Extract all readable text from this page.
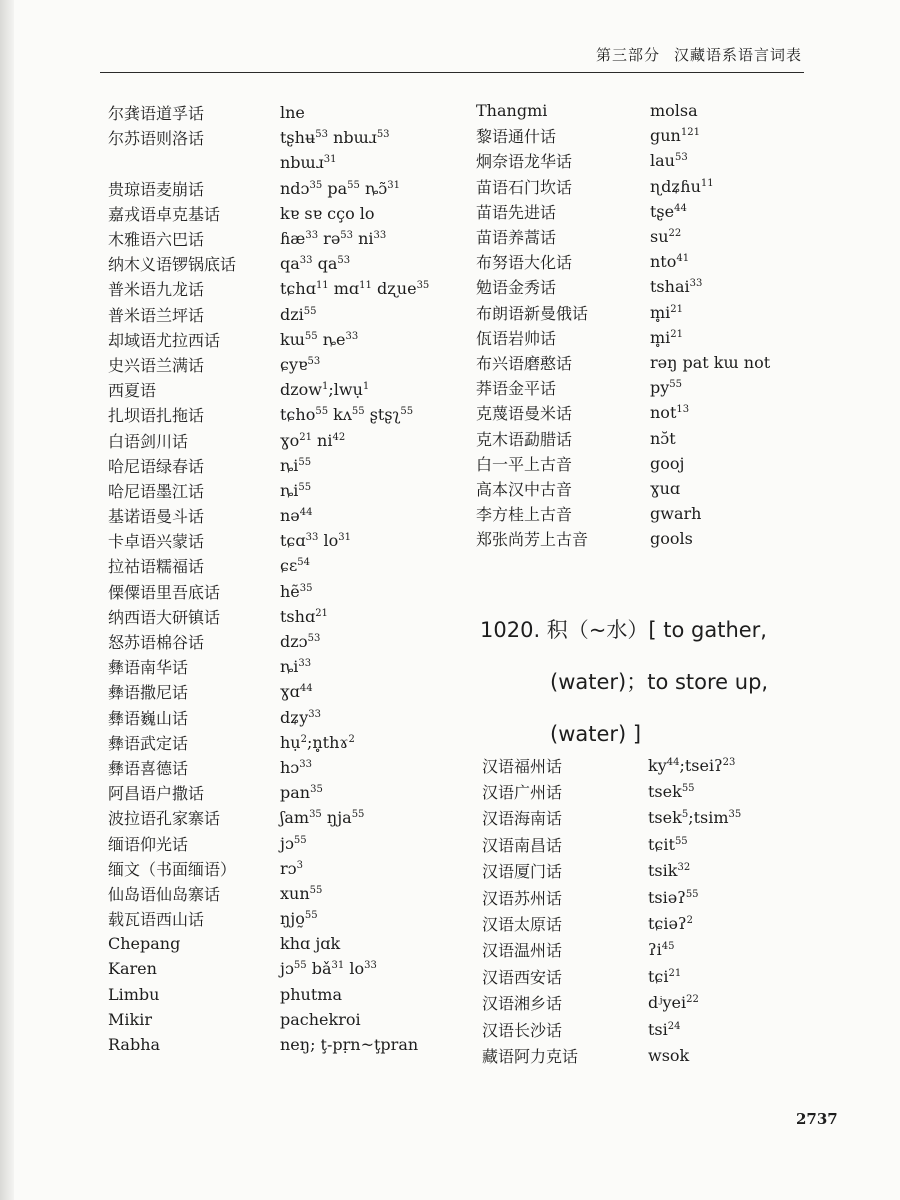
第三部分 汉藏语系语言词表
尔龚语道孚话	lne
尔苏语则洛话	tʂhʉ$^{53}$ nbɯɹ$^{53}$
nbɯɹ$^{31}$
贵琼语麦崩话	ndɔ$^{35}$ $pa^{55}$ ȵɔ̃$^{31}$
嘉戎语卓克基话	kɐ sɐ cço lo
木雅语六巴话	ɦæ$^{33}$ rə$^{53}$ $ni^{33}$
纳木义语锣锅底话	$qa^{33}$ $qa^{53}$
普米语九龙话	tɕhɑ$^{11}$ mɑ$^{11}$ dʐue$^{35}$
普米语兰坪话	dzi$^{55}$
却域语尤拉西话	kɯ$^{55}$ $ȵe^{33}$
史兴语兰满话	ɕyɐ$^{53}$
西夏语	dzow$^1$;lwụ$^1$
扎坝语扎拖话	tɕho$^{55}$ kʌ$^{55}$ ʂtʂʅ$^{55}$
白语剑川话	ɣo$^{21}$ $ni^{42}$
哈尼语绿春话	$ȵi^{55}$
哈尼语墨江话	$ȵi^{55}$
基诺语曼斗话	nə$^{44}$
卡卓语兴蒙话	tɕɑ$^{33}$ $lo^{31}$
拉祜语糯福话	ɕɛ$^{54}$
傈僳语里吾底话	hẽ$^{35}$
纳西语大研镇话	tshɑ$^{21}$
怒苏语棉谷话	dzɔ$^{53}$
彝语南华话	$ȵi^{33}$
彝语撒尼话	ɣɑ$^{44}$
彝语巍山话	dʑy$^{33}$
彝语武定话	hụ$^2$;n̥thɤ$^2$
彝语喜德话	hɔ$^{33}$
阿昌语户撒话	pan$^{35}$
波拉语孔家寨话	ʃam$^{35}$ ŋja$^{55}$
缅语仰光话	jɔ$^{55}$
缅文（书面缅语）	rɔ$^3$
仙岛语仙岛寨话	xun$^{55}$
载瓦语西山话	ŋjo̰$^{55}$
Chepang	khɑ jɑk
Karen	jɔ$^{55}$ $bǎ^{31}$ $lo^{33}$
Limbu	phutma
Mikir	pachekroi
Rabha	neŋ; ţ-pṛn~ţpran
Thangmi	molsa
黎语通什话	gun$^{121}$
炯奈语龙华话	lau$^{53}$
苗语石门坎话	ɳdʑɦu$^{11}$
苗语先进话	tʂe$^{44}$
苗语养蒿话	$su^{22}$
布努语大化话	nto$^{41}$
勉语金秀话	tshai$^{33}$
布朗语新曼俄话	$m̥i^{21}$
佤语岩帅话	$m̥i^{21}$
布兴语磨憨话	rəŋ pat kɯ not
莽语金平话	$py^{55}$
克蔑语曼米话	not$^{13}$
克木语勐腊话	nɔ̆t
白一平上古音	gooj
高本汉中古音	ɣuɑ
李方桂上古音	gwarh
郑张尚芳上古音	gools
1020. 积（~水）[ to gather,
(water)；to store up,
(water) ]
汉语福州话	$ky^{44};tseiʔ^{23}$
汉语广州话	tsek$^{55}$
汉语海南话	tsek$^5$;tsim$^{35}$
汉语南昌话	tɕit$^{55}$
汉语厦门话	tsik$^{32}$
汉语苏州话	tsiəʔ$^{55}$
汉语太原话	tɕiəʔ$^2$
汉语温州话	ʔi$^{45}$
汉语西安话	tɕi$^{21}$
汉语湘乡话	dʲyei$^{22}$
汉语长沙话	tsi$^{24}$
藏语阿力克话	wsok
2737
